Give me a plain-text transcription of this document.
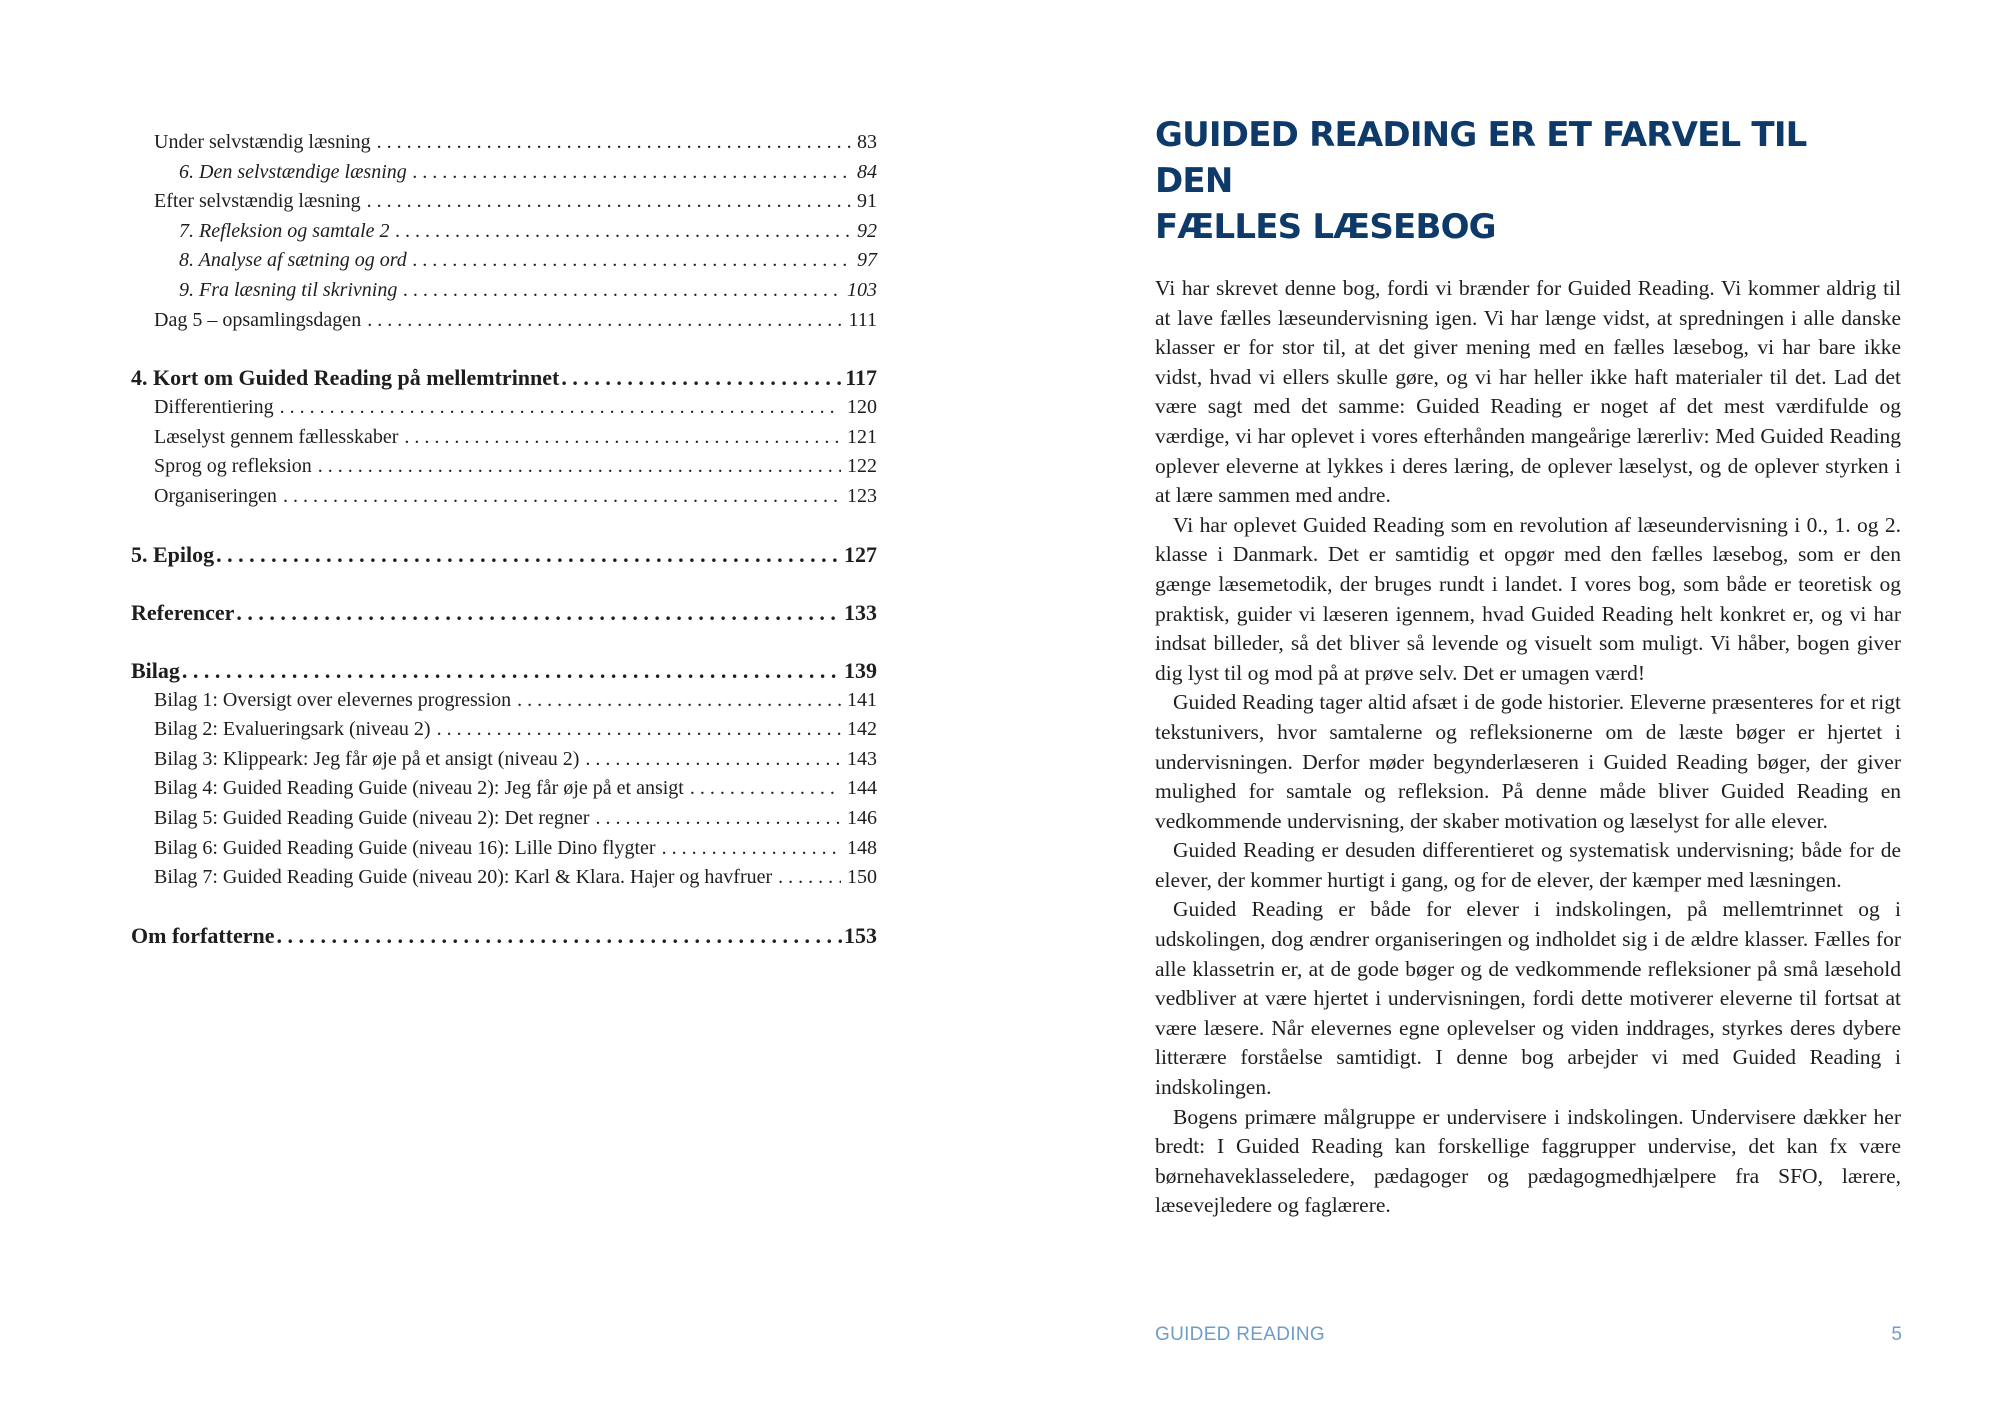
Under selvstændig læsning . . .	83
6. Den selvstændige læsning . . .	84
Efter selvstændig læsning . . .	91
7. Refleksion og samtale 2 . . .	92
8. Analyse af sætning og ord . . .	97
9. Fra læsning til skrivning . . .	103
Dag 5 – opsamlingsdagen . . .	111
4. Kort om Guided Reading på mellemtrinnet . . .	117
Differentiering . . .	120
Læselyst gennem fællesskaber . . .	121
Sprog og refleksion . . .	122
Organiseringen . . .	123
5. Epilog . . .	127
Referencer . . .	133
Bilag . . .	139
Bilag 1: Oversigt over elevernes progression . . .	141
Bilag 2: Evalueringsark (niveau 2) . . .	142
Bilag 3: Klippeark: Jeg får øje på et ansigt (niveau 2) . . .	143
Bilag 4: Guided Reading Guide (niveau 2): Jeg får øje på et ansigt . . .	144
Bilag 5: Guided Reading Guide (niveau 2): Det regner . . .	146
Bilag 6: Guided Reading Guide (niveau 16): Lille Dino flygter . . .	148
Bilag 7: Guided Reading Guide (niveau 20): Karl & Klara. Hajer og havfruer . . .	150
Om forfatterne . . .	153
GUIDED READING ER ET FARVEL TIL DEN
FÆLLES LÆSEBOG

Vi har skrevet denne bog, fordi vi brænder for Guided Reading. Vi kommer aldrig til at lave fælles læseundervisning igen. Vi har længe vidst, at spredningen i alle danske klasser er for stor til, at det giver mening med en fælles læsebog, vi har bare ikke vidst, hvad vi ellers skulle gøre, og vi har heller ikke haft materialer til det. Lad det være sagt med det samme: Guided Reading er noget af det mest værdifulde og værdige, vi har oplevet i vores efterhånden mangeårige lærerliv: Med Guided Reading oplever eleverne at lykkes i deres læring, de oplever læselyst, og de oplever styrken i at lære sammen med andre.

Vi har oplevet Guided Reading som en revolution af læseundervisning i 0., 1. og 2. klasse i Danmark. Det er samtidig et opgør med den fælles læsebog, som er den gænge læsemetodik, der bruges rundt i landet. I vores bog, som både er teoretisk og praktisk, guider vi læseren igennem, hvad Guided Reading helt konkret er, og vi har indsat billeder, så det bliver så levende og visuelt som muligt. Vi håber, bogen giver dig lyst til og mod på at prøve selv. Det er umagen værd!

Guided Reading tager altid afsæt i de gode historier. Eleverne præsenteres for et rigt tekstunivers, hvor samtalerne og refleksionerne om de læste bøger er hjertet i undervisningen. Derfor møder begynderlæseren i Guided Reading bøger, der giver mulighed for samtale og refleksion. På denne måde bliver Guided Reading en vedkommende undervisning, der skaber motivation og læselyst for alle elever.

Guided Reading er desuden differentieret og systematisk undervisning; både for de elever, der kommer hurtigt i gang, og for de elever, der kæmper med læsningen.

Guided Reading er både for elever i indskolingen, på mellemtrinnet og i udskolingen, dog ændrer organiseringen og indholdet sig i de ældre klasser. Fælles for alle klassetrin er, at de gode bøger og de vedkommende refleksioner på små læsehold vedbliver at være hjertet i undervisningen, fordi dette motiverer eleverne til fortsat at være læsere. Når elevernes egne oplevelser og viden inddrages, styrkes deres dybere litterære forståelse samtidigt. I denne bog arbejder vi med Guided Reading i indskolingen.

Bogens primære målgruppe er undervisere i indskolingen. Undervisere dækker her bredt: I Guided Reading kan forskellige faggrupper undervise, det kan fx være børnehaveklasseledere, pædagoger og pædagogmedhjælpere fra SFO, lærere, læsevejledere og faglærere.

GUIDED READING	5
